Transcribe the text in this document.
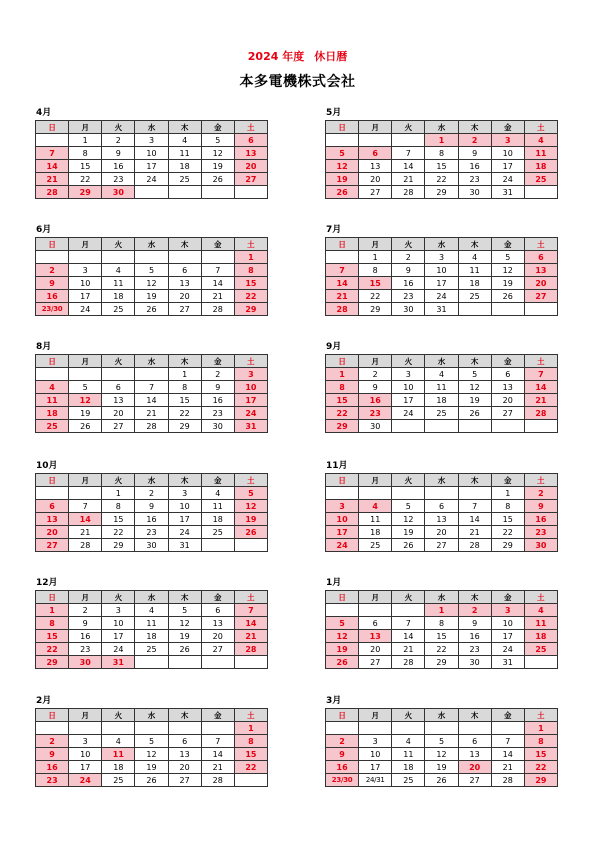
2024 年度 休日暦
本多電機株式会社
4月
日	月	火	水	木	金	土
	1	2	3	4	5	6
7	8	9	10	11	12	13
14	15	16	17	18	19	20
21	22	23	24	25	26	27
28	29	30				
5月
日	月	火	水	木	金	土
			1	2	3	4
5	6	7	8	9	10	11
12	13	14	15	16	17	18
19	20	21	22	23	24	25
26	27	28	29	30	31	
6月
日	月	火	水	木	金	土
						1
2	3	4	5	6	7	8
9	10	11	12	13	14	15
16	17	18	19	20	21	22
23/30	24	25	26	27	28	29
7月
日	月	火	水	木	金	土
	1	2	3	4	5	6
7	8	9	10	11	12	13
14	15	16	17	18	19	20
21	22	23	24	25	26	27
28	29	30	31			
8月
日	月	火	水	木	金	土
				1	2	3
4	5	6	7	8	9	10
11	12	13	14	15	16	17
18	19	20	21	22	23	24
25	26	27	28	29	30	31
9月
日	月	火	水	木	金	土
1	2	3	4	5	6	7
8	9	10	11	12	13	14
15	16	17	18	19	20	21
22	23	24	25	26	27	28
29	30					
10月
日	月	火	水	木	金	土
		1	2	3	4	5
6	7	8	9	10	11	12
13	14	15	16	17	18	19
20	21	22	23	24	25	26
27	28	29	30	31		
11月
日	月	火	水	木	金	土
					1	2
3	4	5	6	7	8	9
10	11	12	13	14	15	16
17	18	19	20	21	22	23
24	25	26	27	28	29	30
12月
日	月	火	水	木	金	土
1	2	3	4	5	6	7
8	9	10	11	12	13	14
15	16	17	18	19	20	21
22	23	24	25	26	27	28
29	30	31				
1月
日	月	火	水	木	金	土
			1	2	3	4
5	6	7	8	9	10	11
12	13	14	15	16	17	18
19	20	21	22	23	24	25
26	27	28	29	30	31	
2月
日	月	火	水	木	金	土
						1
2	3	4	5	6	7	8
9	10	11	12	13	14	15
16	17	18	19	20	21	22
23	24	25	26	27	28	
3月
日	月	火	水	木	金	土
						1
2	3	4	5	6	7	8
9	10	11	12	13	14	15
16	17	18	19	20	21	22
23/30	24/31	25	26	27	28	29
